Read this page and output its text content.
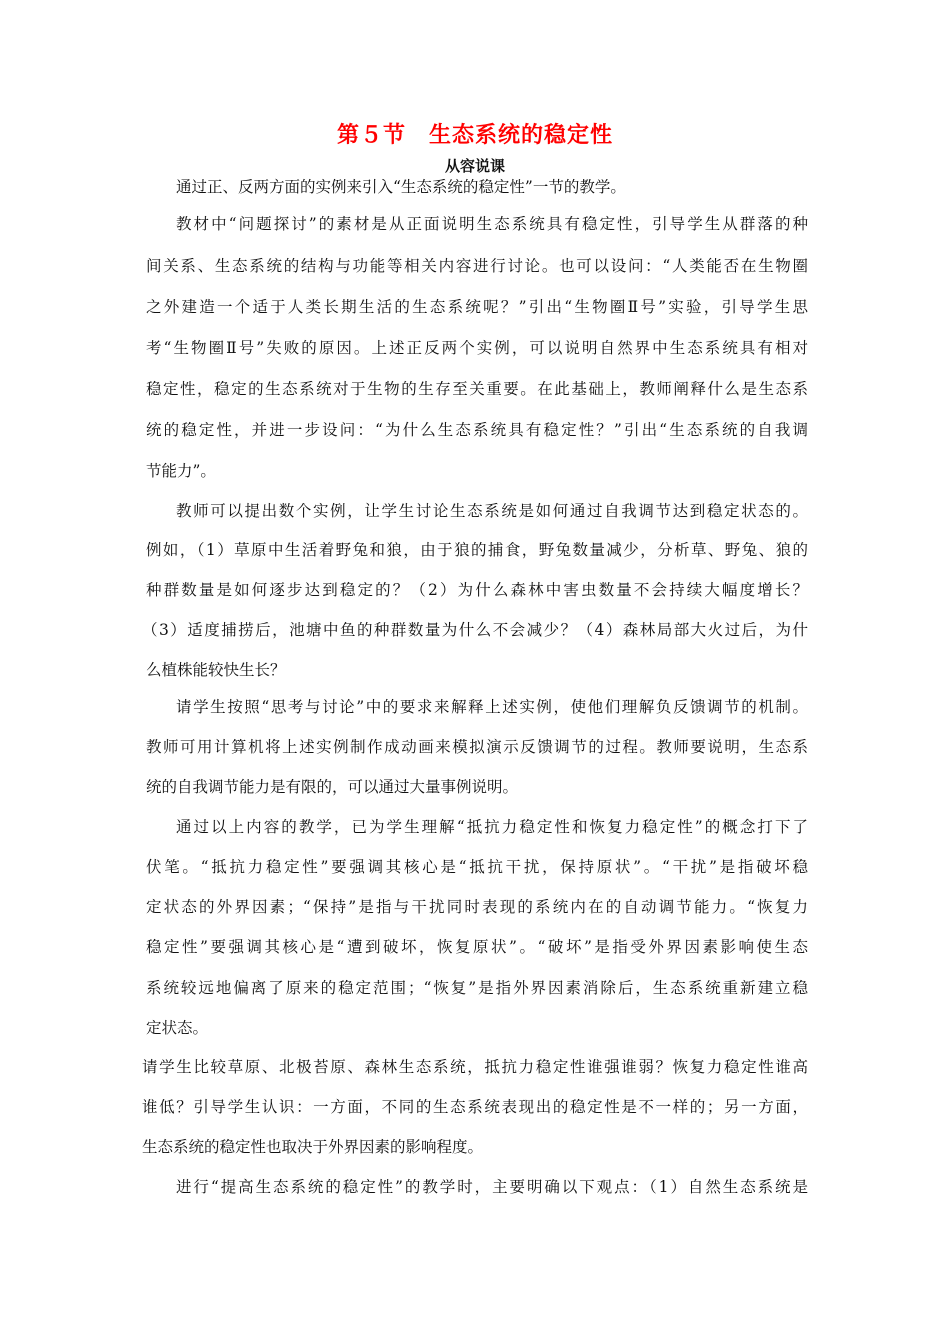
第５节　生态系统的稳定性
从容说课
通过正、反两方面的实例来引入“生态系统的稳定性”一节的教学。
教材中“问题探讨”的素材是从正面说明生态系统具有稳定性，引导学生从群落的种
间关系、生态系统的结构与功能等相关内容进行讨论。也可以设问：“人类能否在生物圈
之外建造一个适于人类长期生活的生态系统呢？”引出“生物圈Ⅱ号”实验，引导学生思
考“生物圈Ⅱ号”失败的原因。上述正反两个实例，可以说明自然界中生态系统具有相对
稳定性，稳定的生态系统对于生物的生存至关重要。在此基础上，教师阐释什么是生态系
统的稳定性，并进一步设问：“为什么生态系统具有稳定性？”引出“生态系统的自我调
节能力”。
教师可以提出数个实例，让学生讨论生态系统是如何通过自我调节达到稳定状态的。
例如，（1）草原中生活着野兔和狼，由于狼的捕食，野兔数量减少，分析草、野兔、狼的
种群数量是如何逐步达到稳定的？（2）为什么森林中害虫数量不会持续大幅度增长？
（3）适度捕捞后，池塘中鱼的种群数量为什么不会减少？（4）森林局部大火过后，为什
么植株能较快生长？
请学生按照“思考与讨论”中的要求来解释上述实例，使他们理解负反馈调节的机制。
教师可用计算机将上述实例制作成动画来模拟演示反馈调节的过程。教师要说明，生态系
统的自我调节能力是有限的，可以通过大量事例说明。
通过以上内容的教学，已为学生理解“抵抗力稳定性和恢复力稳定性”的概念打下了
伏笔。“抵抗力稳定性”要强调其核心是“抵抗干扰，保持原状”。“干扰”是指破坏稳
定状态的外界因素；“保持”是指与干扰同时表现的系统内在的自动调节能力。“恢复力
稳定性”要强调其核心是“遭到破坏，恢复原状”。“破坏”是指受外界因素影响使生态
系统较远地偏离了原来的稳定范围；“恢复”是指外界因素消除后，生态系统重新建立稳
定状态。
请学生比较草原、北极苔原、森林生态系统，抵抗力稳定性谁强谁弱？恢复力稳定性谁高
谁低？引导学生认识：一方面，不同的生态系统表现出的稳定性是不一样的；另一方面，
生态系统的稳定性也取决于外界因素的影响程度。
进行“提高生态系统的稳定性”的教学时，主要明确以下观点：（1）自然生态系统是
